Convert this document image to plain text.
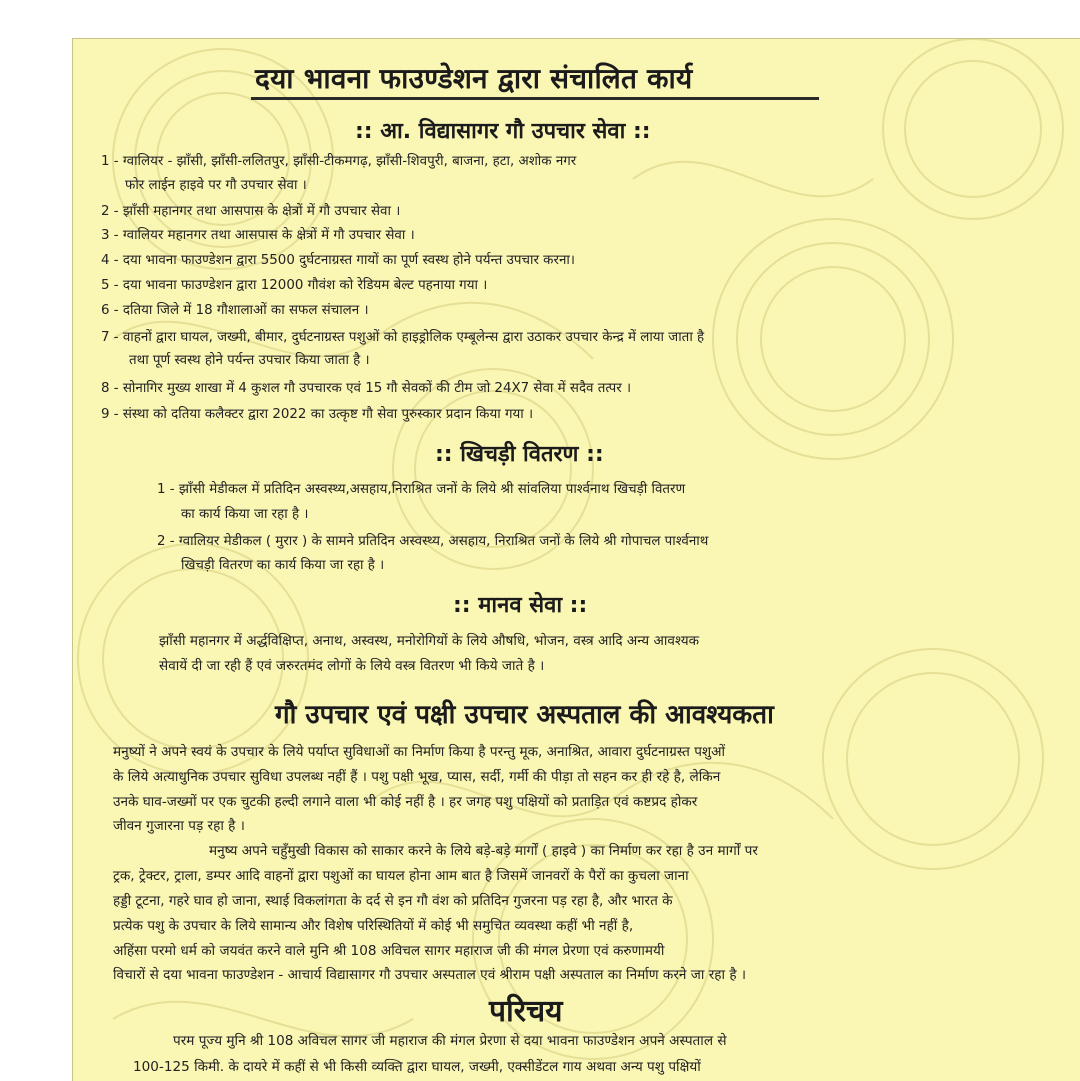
दया भावना फाउण्डेशन द्वारा संचालित कार्य
:: आ. विद्यासागर गौ उपचार सेवा ::
1 - ग्वालियर - झाँसी, झाँसी-ललितपुर, झाँसी-टीकमगढ़, झाँसी-शिवपुरी, बाजना, हटा, अशोक नगर
फोर लाईन हाइवे पर गौ उपचार सेवा ।
2 - झाँसी महानगर तथा आसपास के क्षेत्रों में गौ उपचार सेवा ।
3 - ग्वालियर महानगर तथा आसपास के क्षेत्रों में गौ उपचार सेवा ।
4 - दया भावना फाउण्डेशन द्वारा 5500 दुर्घटनाग्रस्त गायों का पूर्ण स्वस्थ होने पर्यन्त उपचार करना।
5 - दया भावना फाउण्डेशन द्वारा 12000 गौवंश को रेडियम बेल्ट पहनाया गया ।
6 - दतिया जिले में 18 गौशालाओं का सफल संचालन ।
7 - वाहनों द्वारा घायल, जख्मी, बीमार, दुर्घटनाग्रस्त पशुओं को हाइड्रोलिक एम्बूलेन्स द्वारा उठाकर उपचार केन्द्र में लाया जाता है
तथा पूर्ण स्वस्थ होने पर्यन्त उपचार किया जाता है ।
8 - सोनागिर मुख्य शाखा में 4 कुशल गौ उपचारक एवं 15 गौ सेवकों की टीम जो 24X7 सेवा में सदैव तत्पर ।
9 - संस्था को दतिया कलैक्टर द्वारा 2022 का उत्कृष्ट गौ सेवा पुरुस्कार प्रदान किया गया ।
:: खिचड़ी वितरण ::
1 - झाँसी मेडीकल में प्रतिदिन अस्वस्थ्य,असहाय,निराश्रित जनों के लिये श्री सांवलिया पार्श्वनाथ खिचड़ी वितरण
का कार्य किया जा रहा है ।
2 - ग्वालियर मेडीकल ( मुरार ) के सामने प्रतिदिन अस्वस्थ्य, असहाय, निराश्रित जनों के लिये श्री गोपाचल पार्श्वनाथ
खिचड़ी वितरण का कार्य किया जा रहा है ।
:: मानव सेवा ::
झाँसी महानगर में अर्द्धविक्षिप्त, अनाथ, अस्वस्थ, मनोरोगियों के लिये औषधि, भोजन, वस्त्र आदि अन्य आवश्यक
सेवायें दी जा रही हैं एवं जरुरतमंद लोगों के लिये वस्त्र वितरण भी किये जाते है ।
गौ उपचार एवं पक्षी उपचार अस्पताल की आवश्यकता
मनुष्यों ने अपने स्वयं के उपचार के लिये पर्याप्त सुविधाओं का निर्माण किया है परन्तु मूक, अनाश्रित, आवारा दुर्घटनाग्रस्त पशुओं
के लिये अत्याधुनिक उपचार सुविधा उपलब्ध नहीं हैं । पशु पक्षी भूख, प्यास, सर्दी, गर्मी की पीड़ा तो सहन कर ही रहे है, लेकिन
उनके घाव-जख्मों पर एक चुटकी हल्दी लगाने वाला भी कोई नहीं है । हर जगह पशु पक्षियों को प्रताड़ित एवं कष्टप्रद होकर
जीवन गुजारना पड़ रहा है ।
मनुष्य अपने चहुँमुखी विकास को साकार करने के लिये बड़े-बड़े मार्गों ( हाइवे ) का निर्माण कर रहा है उन मार्गों पर
ट्रक, ट्रेक्टर, ट्राला, डम्पर आदि वाहनों द्वारा पशुओं का घायल होना आम बात है जिसमें जानवरों के पैरों का कुचला जाना
हड्डी टूटना, गहरे घाव हो जाना, स्थाई विकलांगता के दर्द से इन गौ वंश को प्रतिदिन गुजरना पड़ रहा है, और भारत के
प्रत्येक पशु के उपचार के लिये सामान्य और विशेष परिस्थितियों में कोई भी समुचित व्यवस्था कहीं भी नहीं है,
अहिंसा परमो धर्म को जयवंत करने वाले मुनि श्री 108 अविचल सागर महाराज जी की मंगल प्रेरणा एवं करुणामयी
विचारों से दया भावना फाउण्डेशन - आचार्य विद्यासागर गौ उपचार अस्पताल एवं श्रीराम पक्षी अस्पताल का निर्माण करने जा रहा है ।
परिचय
परम पूज्य मुनि श्री 108 अविचल सागर जी महाराज की मंगल प्रेरणा से दया भावना फाउण्डेशन अपने अस्पताल से
100-125 किमी. के दायरे में कहीं से भी किसी व्यक्ति द्वारा घायल, जख्मी, एक्सीडेंटल गाय अथवा अन्य पशु पक्षियों
